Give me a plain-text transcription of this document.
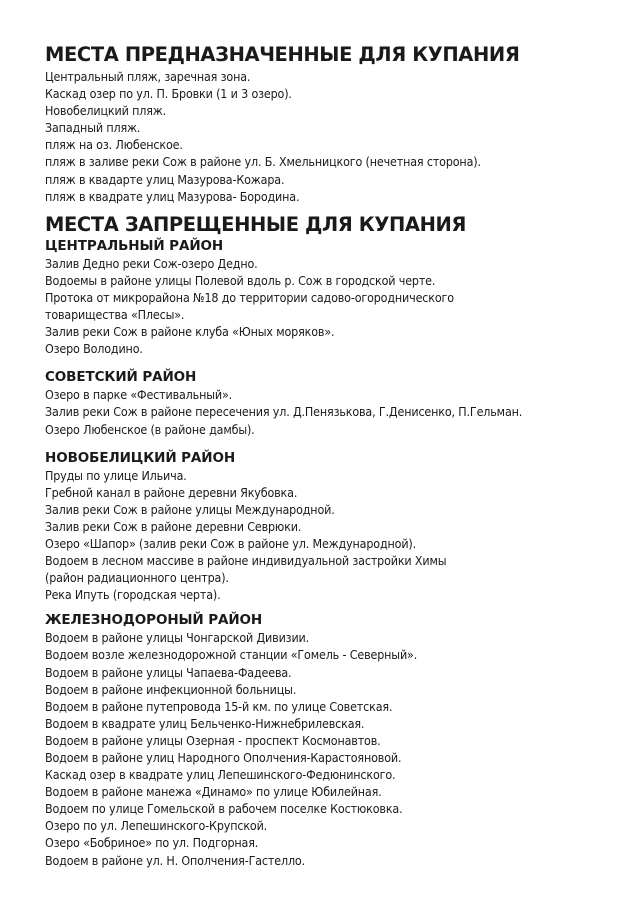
МЕСТА ПРЕДНАЗНАЧЕННЫЕ ДЛЯ КУПАНИЯ
Центральный пляж, заречная зона.
Каскад озер по ул. П. Бровки (1 и 3 озеро).
Новобелицкий пляж.
Западный пляж.
пляж на оз. Любенское.
пляж в заливе реки Сож в районе ул. Б. Хмельницкого (нечетная сторона).
пляж в квадарте улиц Мазурова-Кожара.
пляж в квадрате улиц Мазурова- Бородина.
МЕСТА ЗАПРЕЩЕННЫЕ ДЛЯ КУПАНИЯ
ЦЕНТРАЛЬНЫЙ РАЙОН
Залив Дедно реки Сож-озеро Дедно.
Водоемы в районе улицы Полевой вдоль р. Сож в городской черте.
Протока от микрорайона №18 до территории садово-огороднического
товарищества «Плесы».
Залив реки Сож в районе клуба «Юных моряков».
Озеро Володино.
СОВЕТСКИЙ РАЙОН
Озеро в парке «Фестивальный».
Залив реки Сож в районе пересечения ул. Д.Пенязькова, Г.Денисенко, П.Гельман.
Озеро Любенское (в районе дамбы).
НОВОБЕЛИЦКИЙ РАЙОН
Пруды по улице Ильича.
Гребной канал в районе деревни Якубовка.
Залив реки Сож в районе улицы Международной.
Залив реки Сож в районе деревни Севрюки.
Озеро «Шапор» (залив реки Сож в районе ул. Международной).
Водоем в лесном массиве в районе индивидуальной застройки Химы
(район радиационного центра).
Река Ипуть (городская черта).
ЖЕЛЕЗНОДОРОНЫЙ РАЙОН
Водоем в районе улицы Чонгарской Дивизии.
Водоем возле железнодорожной станции «Гомель - Северный».
Водоем в районе улицы Чапаева-Фадеева.
Водоем в районе инфекционной больницы.
Водоем в районе путепровода 15-й км. по улице Советская.
Водоем в квадрате улиц Бельченко-Нижнебрилевская.
Водоем в районе улицы Озерная - проспект Космонавтов.
Водоем в районе улиц Народного Ополчения-Карастояновой.
Каскад озер в квадрате улиц Лепешинского-Федюнинского.
Водоем в районе манежа «Динамо» по улице Юбилейная.
Водоем по улице Гомельской в рабочем поселке Костюковка.
Озеро по ул. Лепешинского-Крупской.
Озеро «Бобриное» по ул. Подгорная.
Водоем в районе ул. Н. Ополчения-Гастелло.
